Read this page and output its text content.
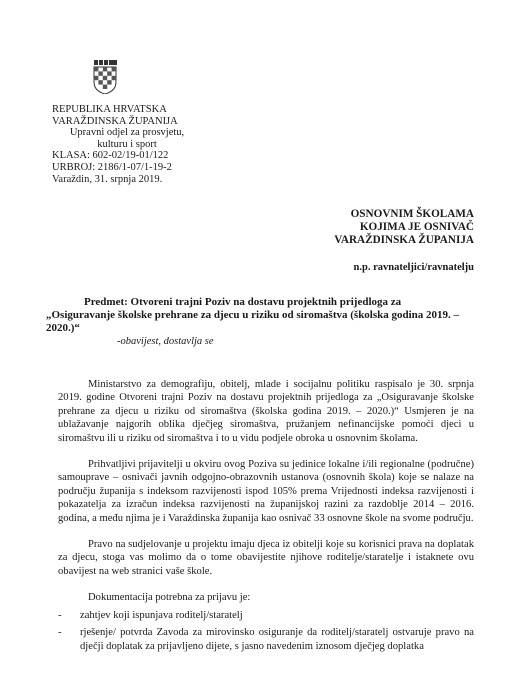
REPUBLIKA HRVATSKA
VARAŽDINSKA ŽUPANIJA
Upravni odjel za prosvjetu,
kulturu i sport
KLASA: 602-02/19-01/122
URBROJ: 2186/1-07/1-19-2
Varaždin, 31. srpnja 2019.
OSNOVNIM ŠKOLAMA
KOJIMA JE OSNIVAČ
VARAŽDINSKA ŽUPANIJA
n.p. ravnateljici/ravnatelju
Predmet: Otvoreni trajni Poziv na dostavu projektnih prijedloga za
„Osiguravanje školske prehrane za djecu u riziku od siromaštva (školska godina 2019. – 2020.)“
-obavijest, dostavlja se

Ministarstvo za demografiju, obitelj, mlade i socijalnu politiku raspisalo je 30. srpnja 2019. godine Otvoreni trajni Poziv na dostavu projektnih prijedloga za „Osiguravanje školske prehrane za djecu u riziku od siromaštva (školska godina 2019. – 2020.)“ Usmjeren je na ublažavanje najgorih oblika dječjeg siromaštva, pružanjem nefinancijske pomoći djeci u siromaštvu ili u riziku od siromaštva i to u vidu podjele obroka u osnovnim školama.

Prihvatljivi prijavitelji u okviru ovog Poziva su jedinice lokalne i/ili regionalne (područne) samouprave – osnivači javnih odgojno-obrazovnih ustanova (osnovnih škola) koje se nalaze na području županija s indeksom razvijenosti ispod 105% prema Vrijednosti indeksa razvijenosti i pokazatelja za izračun indeksa razvijenosti na županijskoj razini za razdoblje 2014 – 2016. godina, a među njima je i Varaždinska županija kao osnivač 33 osnovne škole na svome području.

Pravo na sudjelovanje u projektu imaju djeca iz obitelji koje su korisnici prava na doplatak za djecu, stoga vas molimo da o tome obavijestite njihove roditelje/staratelje i istaknete ovu obavijest na web stranici vaše škole.

Dokumentacija potrebna za prijavu je:

- zahtjev koji ispunjava roditelj/staratelj
- rješenje/ potvrda Zavoda za mirovinsko osiguranje da roditelj/staratelj ostvaruje pravo na dječji doplatak za prijavljeno dijete, s jasno navedenim iznosom dječjeg doplatka
